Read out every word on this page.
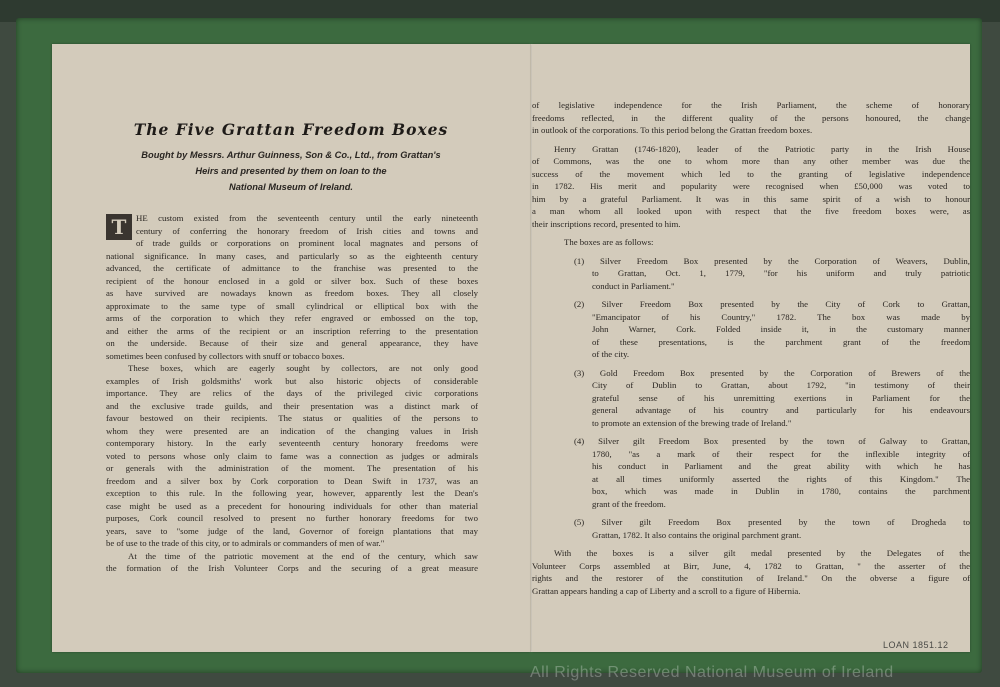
The Five Grattan Freedom Boxes
Bought by Messrs. Arthur Guinness, Son & Co., Ltd., from Grattan's
Heirs and presented by them on loan to the
National Museum of Ireland.
T	HE custom existed from the seventeenth century until the early nineteenth
century of conferring the honorary freedom of Irish cities and towns and
of trade guilds or corporations on prominent local magnates and persons of
national significance. In many cases, and particularly so as the eighteenth century
advanced, the certificate of admittance to the franchise was presented to the
recipient of the honour enclosed in a gold or silver box. Such of these boxes
as have survived are nowadays known as freedom boxes. They all closely
approximate to the same type of small cylindrical or elliptical box with the
arms of the corporation to which they refer engraved or embossed on the top,
and either the arms of the recipient or an inscription referring to the presentation
on the underside. Because of their size and general appearance, they have
sometimes been confused by collectors with snuff or tobacco boxes.
These boxes, which are eagerly sought by collectors, are not only good
examples of Irish goldsmiths' work but also historic objects of considerable
importance. They are relics of the days of the privileged civic corporations
and the exclusive trade guilds, and their presentation was a distinct mark of
favour bestowed on their recipients. The status or qualities of the persons to
whom they were presented are an indication of the changing values in Irish
contemporary history. In the early seventeenth century honorary freedoms were
voted to persons whose only claim to fame was a connection as judges or admirals
or generals with the administration of the moment. The presentation of his
freedom and a silver box by Cork corporation to Dean Swift in 1737, was an
exception to this rule. In the following year, however, apparently lest the Dean's
case might be used as a precedent for honouring individuals for other than material
purposes, Cork council resolved to present no further honorary freedoms for two
years, save to "some judge of the land, Governor of foreign plantations that may
be of use to the trade of this city, or to admirals or commanders of men of war."
At the time of the patriotic movement at the end of the century, which saw
the formation of the Irish Volunteer Corps and the securing of a great measure
of legislative independence for the Irish Parliament, the scheme of honorary
freedoms reflected, in the different quality of the persons honoured, the change
in outlook of the corporations. To this period belong the Grattan freedom boxes.
Henry Grattan (1746-1820), leader of the Patriotic party in the Irish House
of Commons, was the one to whom more than any other member was due the
success of the movement which led to the granting of legislative independence
in 1782. His merit and popularity were recognised when £50,000 was voted to
him by a grateful Parliament. It was in this same spirit of a wish to honour
a man whom all looked upon with respect that the five freedom boxes were, as
their inscriptions record, presented to him.
The boxes are as follows:
(1) Silver Freedom Box presented by the Corporation of Weavers, Dublin,
to Grattan, Oct. 1, 1779, "for his uniform and truly patriotic
conduct in Parliament."
(2) Silver Freedom Box presented by the City of Cork to Grattan,
"Emancipator of his Country," 1782. The box was made by
John Warner, Cork. Folded inside it, in the customary manner
of these presentations, is the parchment grant of the freedom
of the city.
(3) Gold Freedom Box presented by the Corporation of Brewers of the
City of Dublin to Grattan, about 1792, "in testimony of their
grateful sense of his unremitting exertions in Parliament for the
general advantage of his country and particularly for his endeavours
to promote an extension of the brewing trade of Ireland."
(4) Silver gilt Freedom Box presented by the town of Galway to Grattan,
1780, "as a mark of their respect for the inflexible integrity of
his conduct in Parliament and the great ability with which he has
at all times uniformly asserted the rights of this Kingdom." The
box, which was made in Dublin in 1780, contains the parchment
grant of the freedom.
(5) Silver gilt Freedom Box presented by the town of Drogheda to
Grattan, 1782. It also contains the original parchment grant.
With the boxes is a silver gilt medal presented by the Delegates of the
Volunteer Corps assembled at Birr, June, 4, 1782 to Grattan, " the asserter of the
rights and the restorer of the constitution of Ireland." On the obverse a figure of
Grattan appears handing a cap of Liberty and a scroll to a figure of Hibernia.
LOAN 1851.12
All Rights Reserved National Museum of Ireland
